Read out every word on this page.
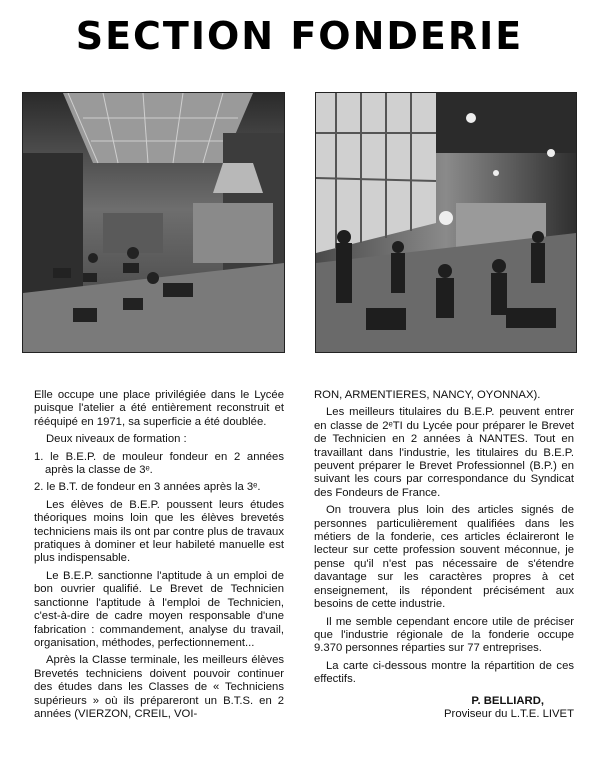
SECTION FONDERIE

Elle occupe une place privilégiée dans le Lycée puisque l'atelier a été entièrement reconstruit et rééquipé en 1971, sa superficie a été doublée.

Deux niveaux de formation :

1. le B.E.P. de mouleur fondeur en 2 années après la classe de 3ᵉ.

2. le B.T. de fondeur en 3 années après la 3ᵉ.

Les élèves de B.E.P. poussent leurs études théoriques moins loin que les élèves brevetés techniciens mais ils ont par contre plus de travaux pratiques à dominer et leur habileté manuelle est plus indispensable.

Le B.E.P. sanctionne l'aptitude à un emploi de bon ouvrier qualifié. Le Brevet de Technicien sanctionne l'aptitude à l'emploi de Technicien, c'est-à-dire de cadre moyen responsable d'une fabrication : commandement, analyse du travail, organisation, méthodes, perfectionnement...

Après la Classe terminale, les meilleurs élèves Brevetés techniciens doivent pouvoir continuer des études dans les Classes de « Techniciens supérieurs » où ils prépareront un B.T.S. en 2 années (VIERZON, CREIL, VOI-

RON, ARMENTIERES, NANCY, OYONNAX).

Les meilleurs titulaires du B.E.P. peuvent entrer en classe de 2ᵉTI du Lycée pour préparer le Brevet de Technicien en 2 années à NANTES. Tout en travaillant dans l'industrie, les titulaires du B.E.P. peuvent préparer le Brevet Professionnel (B.P.) en suivant les cours par correspondance du Syndicat des Fondeurs de France.

On trouvera plus loin des articles signés de personnes particulièrement qualifiées dans les métiers de la fonderie, ces articles éclaireront le lecteur sur cette profession souvent méconnue, je pense qu'il n'est pas nécessaire de s'étendre davantage sur les caractères propres à cet enseignement, ils répondent précisément aux besoins de cette industrie.

Il me semble cependant encore utile de préciser que l'industrie régionale de la fonderie occupe 9.370 personnes réparties sur 77 entreprises.

La carte ci-dessous montre la répartition de ces effectifs.

P. BELLIARD,
Proviseur du L.T.E. LIVET
